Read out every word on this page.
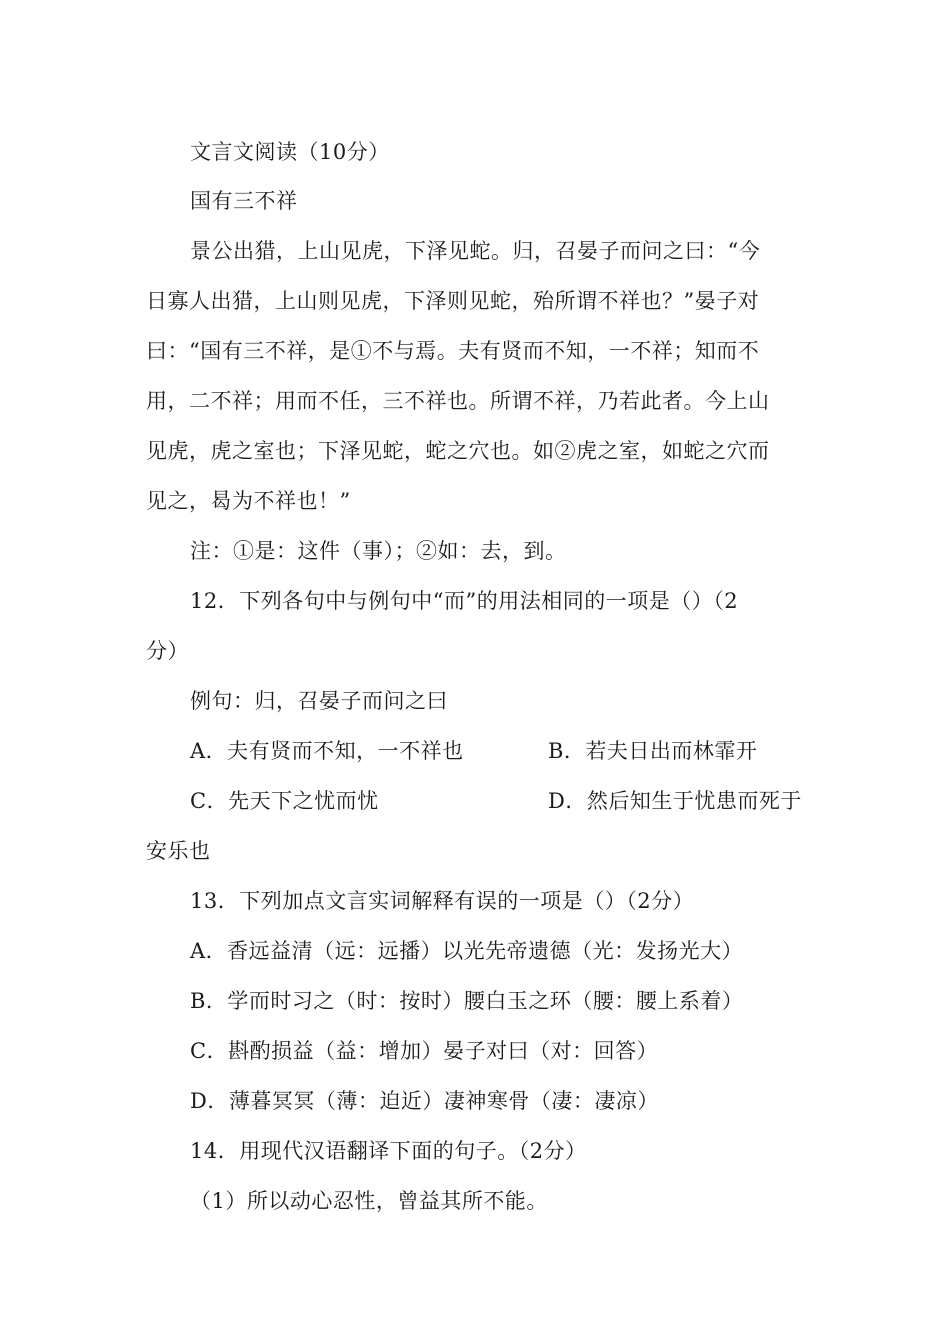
文言文阅读（10分）
国有三不祥
景公出猎，上山见虎，下泽见蛇。归，召晏子而问之曰：“今
日寡人出猎，上山则见虎，下泽则见蛇，殆所谓不祥也？”晏子对
曰：“国有三不祥，是①不与焉。夫有贤而不知，一不祥；知而不
用，二不祥；用而不任，三不祥也。所谓不祥，乃若此者。今上山
见虎，虎之室也；下泽见蛇，蛇之穴也。如②虎之室，如蛇之穴而
见之，曷为不祥也！”
注：①是：这件（事）；②如：去，到。
12．下列各句中与例句中“而”的用法相同的一项是（）（2
分）
例句：归，召晏子而问之曰
A．夫有贤而不知，一不祥也	B．若夫日出而林霏开
C．先天下之忧而忧	D．然后知生于忧患而死于
安乐也
13．下列加点文言实词解释有误的一项是（）（2分）
A．香远益清（远：远播）以光先帝遗德（光：发扬光大）
B．学而时习之（时：按时）腰白玉之环（腰：腰上系着）
C．斟酌损益（益：增加）晏子对曰（对：回答）
D．薄暮冥冥（薄：迫近）凄神寒骨（凄：凄凉）
14．用现代汉语翻译下面的句子。（2分）
（1）所以动心忍性，曾益其所不能。
